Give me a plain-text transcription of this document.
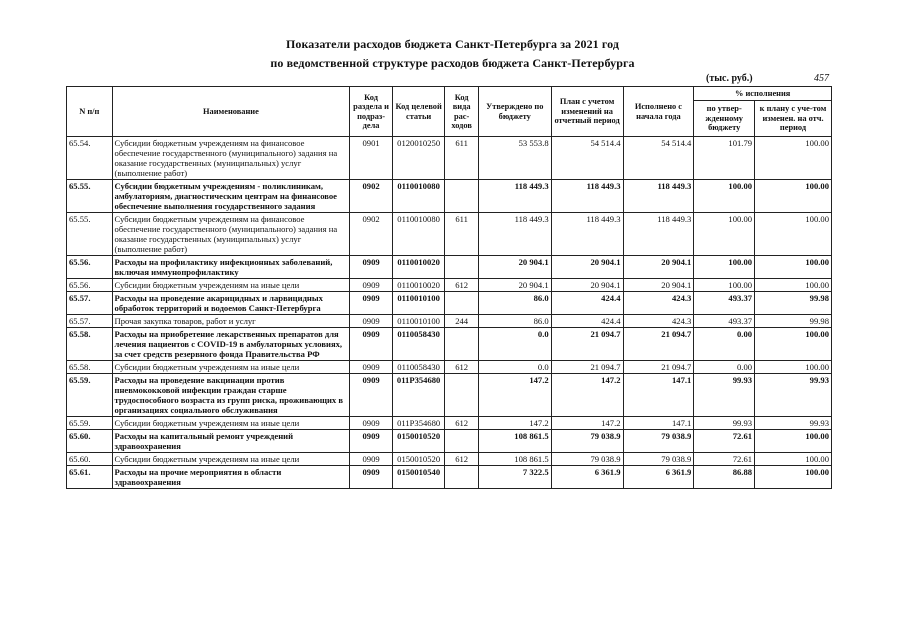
Показатели расходов бюджета Санкт-Петербурга за 2021 год
по ведомственной структуре расходов бюджета Санкт-Петербурга
(тыс. руб.)	457
N п/п	Наименование	Код раздела и подраз-дела	Код целевой статьи	Код вида рас-ходов	Утверждено по бюджету	План с учетом изменений на отчетный период	Исполнено с начала года	% исполнения	
								по утвер-жденному бюджету	к плану с уче-том изменен. на отч. период
65.54.	Субсидии бюджетным учреждениям на финансовое обеспечение государственного (муниципального) задания на оказание государственных (муниципальных) услуг (выполнение работ)	0901	0120010250	611	53 553.8	54 514.4	54 514.4	101.79	100.00
65.55.	Субсидии бюджетным учреждениям - поликлиникам, амбулаториям, диагностическим центрам на финансовое обеспечение выполнения государственного задания	0902	0110010080		118 449.3	118 449.3	118 449.3	100.00	100.00
65.55.	Субсидии бюджетным учреждениям на финансовое обеспечение государственного (муниципального) задания на оказание государственных (муниципальных) услуг (выполнение работ)	0902	0110010080	611	118 449.3	118 449.3	118 449.3	100.00	100.00
65.56.	Расходы на профилактику инфекционных заболеваний, включая иммунопрофилактику	0909	0110010020		20 904.1	20 904.1	20 904.1	100.00	100.00
65.56.	Субсидии бюджетным учреждениям на иные цели	0909	0110010020	612	20 904.1	20 904.1	20 904.1	100.00	100.00
65.57.	Расходы на проведение акарицидных и ларвицидных обработок территорий и водоемов Санкт-Петербурга	0909	0110010100		86.0	424.4	424.3	493.37	99.98
65.57.	Прочая закупка товаров, работ и услуг	0909	0110010100	244	86.0	424.4	424.3	493.37	99.98
65.58.	Расходы на приобретение лекарственных препаратов для лечения пациентов с COVID-19 в амбулаторных условиях, за счет средств резервного фонда Правительства РФ	0909	0110058430		0.0	21 094.7	21 094.7	0.00	100.00
65.58.	Субсидии бюджетным учреждениям на иные цели	0909	0110058430	612	0.0	21 094.7	21 094.7	0.00	100.00
65.59.	Расходы на проведение вакцинации против пневмококковой инфекции граждан старше трудоспособного возраста из групп риска, проживающих в организациях социального обслуживания	0909	011P354680		147.2	147.2	147.1	99.93	99.93
65.59.	Субсидии бюджетным учреждениям на иные цели	0909	011P354680	612	147.2	147.2	147.1	99.93	99.93
65.60.	Расходы на капитальный ремонт учреждений здравоохранения	0909	0150010520		108 861.5	79 038.9	79 038.9	72.61	100.00
65.60.	Субсидии бюджетным учреждениям на иные цели	0909	0150010520	612	108 861.5	79 038.9	79 038.9	72.61	100.00
65.61.	Расходы на прочие мероприятия в области здравоохранения	0909	0150010540		7 322.5	6 361.9	6 361.9	86.88	100.00
